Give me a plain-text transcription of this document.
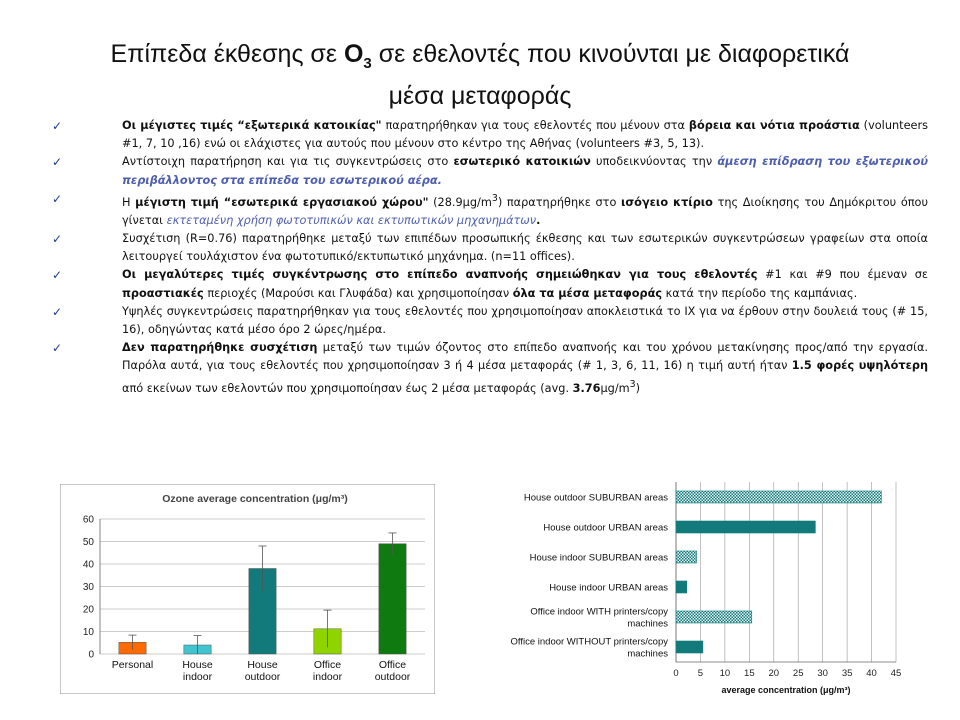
Επίπεδα έκθεσης σε $O_3$ σε εθελοντές που κινούνται με διαφορετικά
μέσα μεταφοράς
✓	Οι μέγιστες τιμές “εξωτερικά κατοικίας" παρατηρήθηκαν για τους εθελοντές που μένουν στα βόρεια και νότια προάστια (volunteers #1, 7, 10 ,16) ενώ οι ελάχιστες για αυτούς που μένουν στο κέντρο της Αθήνας (volunteers #3, 5, 13).
✓	Αντίστοιχη παρατήρηση και για τις συγκεντρώσεις στο εσωτερικό κατοικιών υποδεικνύοντας την άμεση επίδραση του εξωτερικού περιβάλλοντος στα επίπεδα του εσωτερικού αέρα.
✓	Η μέγιστη τιμή “εσωτερικά εργασιακού χώρου" $(28.9\mu g/m^3)$ παρατηρήθηκε στο ισόγειο κτίριο της Διοίκησης του Δημόκριτου όπου γίνεται εκτεταμένη χρήση φωτοτυπικών και εκτυπωτικών μηχανημάτων.
✓	Συσχέτιση (R=0.76) παρατηρήθηκε μεταξύ των επιπέδων προσωπικής έκθεσης και των εσωτερικών συγκεντρώσεων γραφείων στα οποία λειτουργεί τουλάχιστον ένα φωτοτυπικό/εκτυπωτικό μηχάνημα. (n=11 offices).
✓	Οι μεγαλύτερες τιμές συγκέντρωσης στο επίπεδο αναπνοής σημειώθηκαν για τους εθελοντές #1 και #9 που έμεναν σε προαστιακές περιοχές (Μαρούσι και Γλυφάδα) και χρησιμοποίησαν όλα τα μέσα μεταφοράς κατά την περίοδο της καμπάνιας.
✓	Υψηλές συγκεντρώσεις παρατηρήθηκαν για τους εθελοντές που χρησιμοποίησαν αποκλειστικά το ΙΧ για να έρθουν στην δουλειά τους (# 15, 16), οδηγώντας κατά μέσο όρο 2 ώρες/ημέρα.
✓	Δεν παρατηρήθηκε συσχέτιση μεταξύ των τιμών όζοντος στο επίπεδο αναπνοής και του χρόνου μετακίνησης προς/από την εργασία. Παρόλα αυτά, για τους εθελοντές που χρησιμοποίησαν 3 ή 4 μέσα μεταφοράς (# 1, 3, 6, 11, 16) η τιμή αυτή ήταν 1.5 φορές υψηλότερη από εκείνων των εθελοντών που χρησιμοποίησαν έως 2 μέσα μεταφοράς (avg. $3.76\mu g/m^3$)
Ozone average concentration (μg/m³)
0
10
20
30
40
50
60
Personal	House
indoor
House
outdoor
Office
indoor
Office
outdoor	0 5 10 15 20 25 30 35 40 45
House outdoor SUBURBAN areas
House outdoor URBAN areas
House indoor SUBURBAN areas
House indoor URBAN areas
Office indoor WITH printers/copy
machines
Office indoor WITHOUT printers/copy
machines
average concentration (μg/m³)
